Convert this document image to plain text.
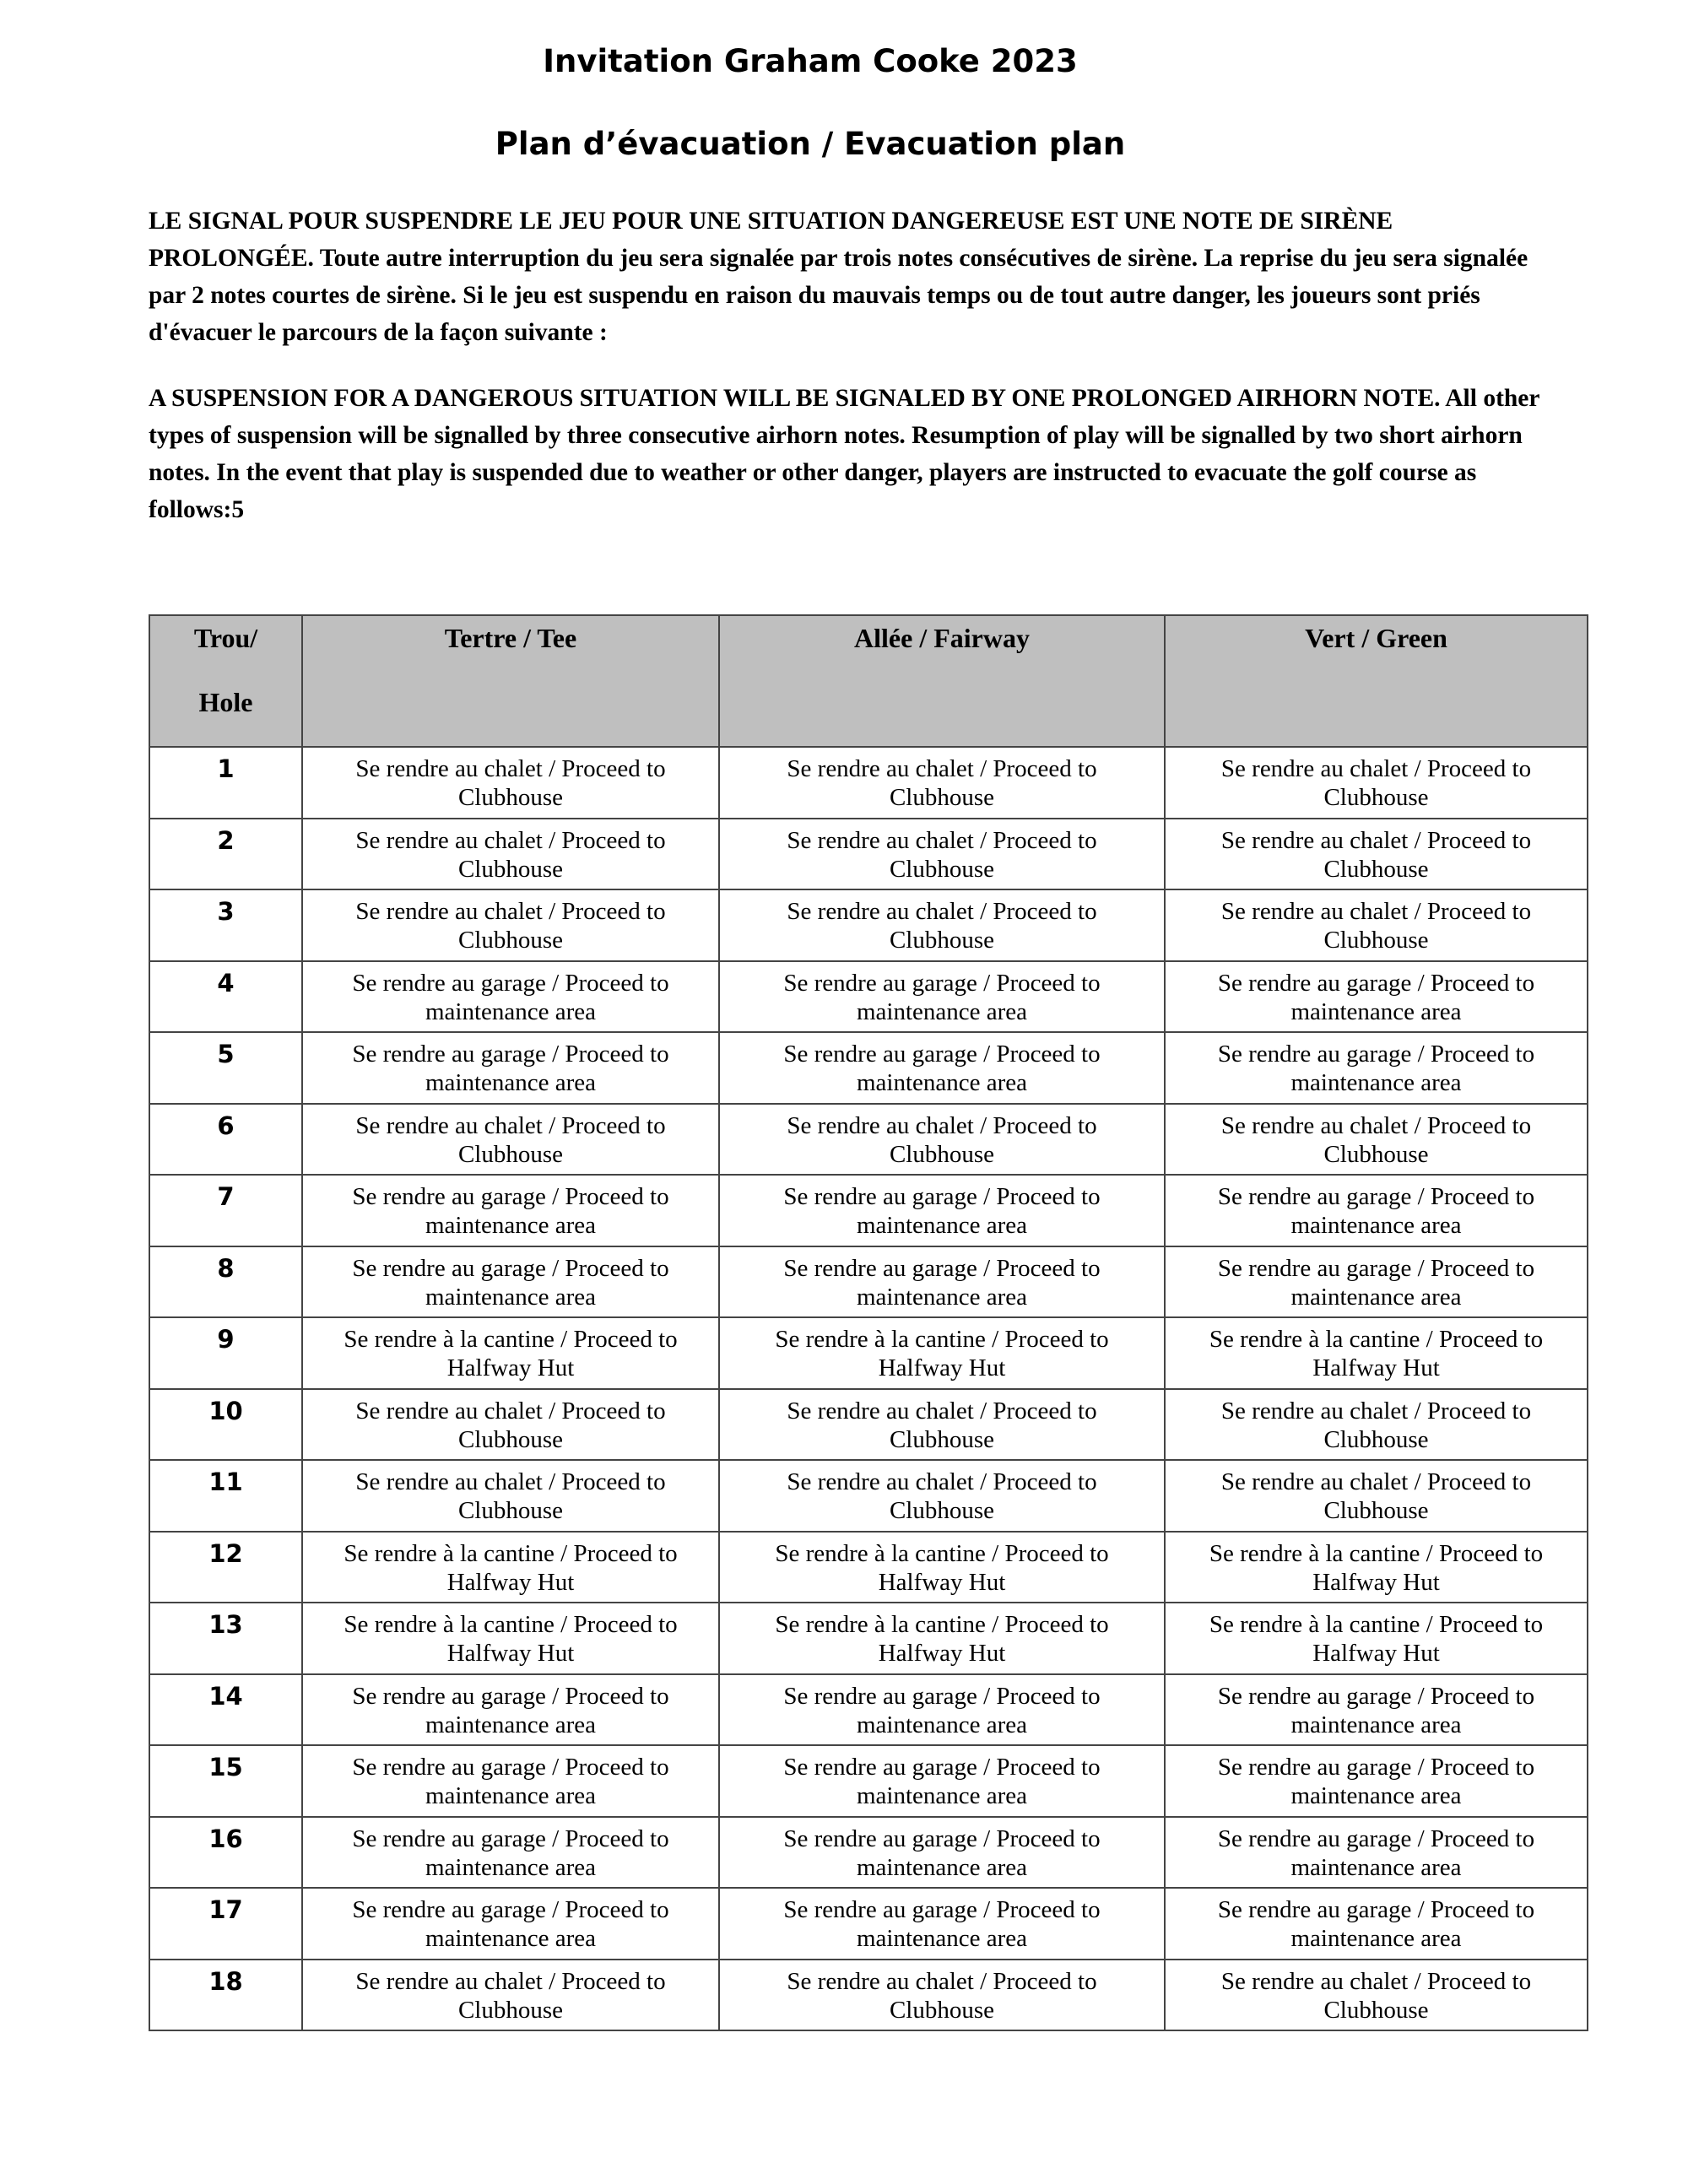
Invitation Graham Cooke 2023
Plan d’évacuation / Evacuation plan

LE SIGNAL POUR SUSPENDRE LE JEU POUR UNE SITUATION DANGEREUSE EST UNE NOTE DE SIRÈNE PROLONGÉE. Toute autre interruption du jeu sera signalée par trois notes consécutives de sirène. La reprise du jeu sera signalée par 2 notes courtes de sirène. Si le jeu est suspendu en raison du mauvais temps ou de tout autre danger, les joueurs sont priés d'évacuer le parcours de la façon suivante :

A SUSPENSION FOR A DANGEROUS SITUATION WILL BE SIGNALED BY ONE PROLONGED AIRHORN NOTE. All other types of suspension will be signalled by three consecutive airhorn notes. Resumption of play will be signalled by two short airhorn notes. In the event that play is suspended due to weather or other danger, players are instructed to evacuate the golf course as follows:5

Trou/
Hole	Tertre / Tee	Allée / Fairway	Vert / Green

1	Se rendre au chalet / Proceed to Clubhouse	Se rendre au chalet / Proceed to Clubhouse	Se rendre au chalet / Proceed to Clubhouse

2	Se rendre au chalet / Proceed to Clubhouse	Se rendre au chalet / Proceed to Clubhouse	Se rendre au chalet / Proceed to Clubhouse

3	Se rendre au chalet / Proceed to Clubhouse	Se rendre au chalet / Proceed to Clubhouse	Se rendre au chalet / Proceed to Clubhouse

4	Se rendre au garage / Proceed to maintenance area	Se rendre au garage / Proceed to maintenance area	Se rendre au garage / Proceed to maintenance area

5	Se rendre au garage / Proceed to maintenance area	Se rendre au garage / Proceed to maintenance area	Se rendre au garage / Proceed to maintenance area

6	Se rendre au chalet / Proceed to Clubhouse	Se rendre au chalet / Proceed to Clubhouse	Se rendre au chalet / Proceed to Clubhouse

7	Se rendre au garage / Proceed to maintenance area	Se rendre au garage / Proceed to maintenance area	Se rendre au garage / Proceed to maintenance area

8	Se rendre au garage / Proceed to maintenance area	Se rendre au garage / Proceed to maintenance area	Se rendre au garage / Proceed to maintenance area

9	Se rendre à la cantine / Proceed to Halfway Hut	Se rendre à la cantine / Proceed to Halfway Hut	Se rendre à la cantine / Proceed to Halfway Hut

10	Se rendre au chalet / Proceed to Clubhouse	Se rendre au chalet / Proceed to Clubhouse	Se rendre au chalet / Proceed to Clubhouse

11	Se rendre au chalet / Proceed to Clubhouse	Se rendre au chalet / Proceed to Clubhouse	Se rendre au chalet / Proceed to Clubhouse

12	Se rendre à la cantine / Proceed to Halfway Hut	Se rendre à la cantine / Proceed to Halfway Hut	Se rendre à la cantine / Proceed to Halfway Hut

13	Se rendre à la cantine / Proceed to Halfway Hut	Se rendre à la cantine / Proceed to Halfway Hut	Se rendre à la cantine / Proceed to Halfway Hut

14	Se rendre au garage / Proceed to maintenance area	Se rendre au garage / Proceed to maintenance area	Se rendre au garage / Proceed to maintenance area

15	Se rendre au garage / Proceed to maintenance area	Se rendre au garage / Proceed to maintenance area	Se rendre au garage / Proceed to maintenance area

16	Se rendre au garage / Proceed to maintenance area	Se rendre au garage / Proceed to maintenance area	Se rendre au garage / Proceed to maintenance area

17	Se rendre au garage / Proceed to maintenance area	Se rendre au garage / Proceed to maintenance area	Se rendre au garage / Proceed to maintenance area

18	Se rendre au chalet / Proceed to Clubhouse	Se rendre au chalet / Proceed to Clubhouse	Se rendre au chalet / Proceed to Clubhouse
